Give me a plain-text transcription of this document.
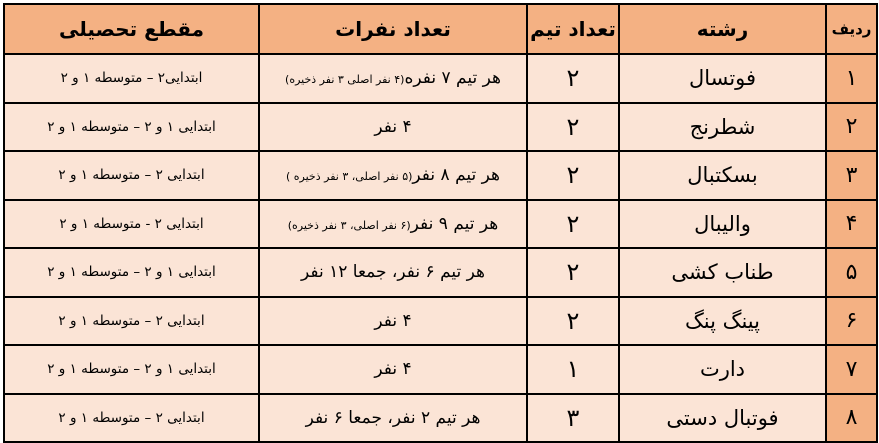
ردیف	رشته	تعداد تیم	تعداد نفرات	مقطع تحصیلی
۱	فوتسال	۲	هر تیم ۷ نفره(۴ نفر اصلی ۳ نفر ذخیره)	ابتدایی۲ – متوسطه ۱ و ۲
۲	شطرنج	۲	۴ نفر	ابتدایی ۱ و ۲ – متوسطه ۱ و ۲
۳	بسکتبال	۲	هر تیم ۸ نفر(۵ نفر اصلی، ۳ نفر ذخیره )	ابتدایی ۲ – متوسطه ۱ و ۲
۴	والیبال	۲	هر تیم ۹ نفر(۶ نفر اصلی، ۳ نفر ذخیره)	ابتدایی ۲ - متوسطه ۱ و ۲
۵	طناب کشی	۲	هر تیم ۶ نفر، جمعا ۱۲ نفر	ابتدایی ۱ و ۲ – متوسطه ۱ و ۲
۶	پینگ پنگ	۲	۴ نفر	ابتدایی ۲ – متوسطه ۱ و ۲
۷	دارت	۱	۴ نفر	ابتدایی ۱ و ۲ – متوسطه ۱ و ۲
۸	فوتبال دستی	۳	هر تیم ۲ نفر، جمعا ۶ نفر	ابتدایی ۲ – متوسطه ۱ و ۲
